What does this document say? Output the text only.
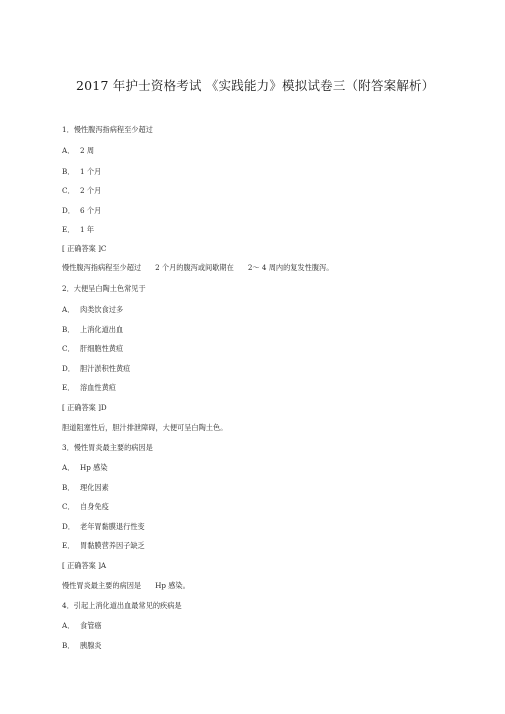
2017 年护士资格考试 《实践能力》模拟试卷三（附答案解析）
1．慢性腹泻指病程至少超过
A． 2 周
B． 1 个月
C． 2 个月
D． 6 个月
E． 1 年
[ 正确答案 ]C
慢性腹泻指病程至少超过 2 个月的腹泻或间歇期在 2～ 4 周内的复发性腹泻。
2．大便呈白陶土色常见于
A． 肉类饮食过多
B． 上消化道出血
C． 肝细胞性黄疸
D． 胆汁淤积性黄疸
E． 溶血性黄疸
[ 正确答案 ]D
胆道阻塞性后，胆汁排泄障碍，大便可呈白陶土色。
3．慢性胃炎最主要的病因是
A． Hp 感染
B． 理化因素
C． 自身免疫
D． 老年胃黏膜退行性变
E． 胃黏膜营养因子缺乏
[ 正确答案 ]A
慢性胃炎最主要的病因是 Hp 感染。
4．引起上消化道出血最常见的疾病是
A． 食管癌
B． 胰腺炎
